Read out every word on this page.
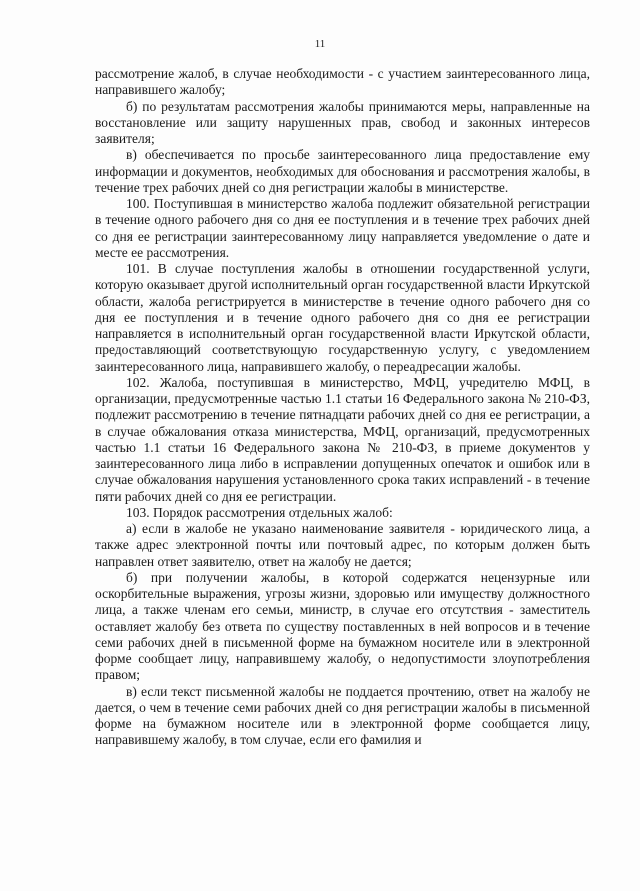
11

рассмотрение жалоб, в случае необходимости - с участием заинтересованного лица, направившего жалобу;

б) по результатам рассмотрения жалобы принимаются меры, направленные на восстановление или защиту нарушенных прав, свобод и законных интересов заявителя;

в) обеспечивается по просьбе заинтересованного лица предоставление ему информации и документов, необходимых для обоснования и рассмотрения жалобы, в течение трех рабочих дней со дня регистрации жалобы в министерстве.

100. Поступившая в министерство жалоба подлежит обязательной регистрации в течение одного рабочего дня со дня ее поступления и в течение трех рабочих дней со дня ее регистрации заинтересованному лицу направляется уведомление о дате и месте ее рассмотрения.

101. В случае поступления жалобы в отношении государственной услуги, которую оказывает другой исполнительный орган государственной власти Иркутской области, жалоба регистрируется в министерстве в течение одного рабочего дня со дня ее поступления и в течение одного рабочего дня со дня ее регистрации направляется в исполнительный орган государственной власти Иркутской области, предоставляющий соответствующую государственную услугу, с уведомлением заинтересованного лица, направившего жалобу, о переадресации жалобы.

102. Жалоба, поступившая в министерство, МФЦ, учредителю МФЦ, в организации, предусмотренные частью 1.1 статьи 16 Федерального закона № 210-ФЗ, подлежит рассмотрению в течение пятнадцати рабочих дней со дня ее регистрации, а в случае обжалования отказа министерства, МФЦ, организаций, предусмотренных частью 1.1 статьи 16 Федерального закона № 210-ФЗ, в приеме документов у заинтересованного лица либо в исправлении допущенных опечаток и ошибок или в случае обжалования нарушения установленного срока таких исправлений - в течение пяти рабочих дней со дня ее регистрации.

103. Порядок рассмотрения отдельных жалоб:

а) если в жалобе не указано наименование заявителя - юридического лица, а также адрес электронной почты или почтовый адрес, по которым должен быть направлен ответ заявителю, ответ на жалобу не дается;

б) при получении жалобы, в которой содержатся нецензурные или оскорбительные выражения, угрозы жизни, здоровью или имуществу должностного лица, а также членам его семьи, министр, в случае его отсутствия - заместитель оставляет жалобу без ответа по существу поставленных в ней вопросов и в течение семи рабочих дней в письменной форме на бумажном носителе или в электронной форме сообщает лицу, направившему жалобу, о недопустимости злоупотребления правом;

в) если текст письменной жалобы не поддается прочтению, ответ на жалобу не дается, о чем в течение семи рабочих дней со дня регистрации жалобы в письменной форме на бумажном носителе или в электронной форме сообщается лицу, направившему жалобу, в том случае, если его фамилия и
